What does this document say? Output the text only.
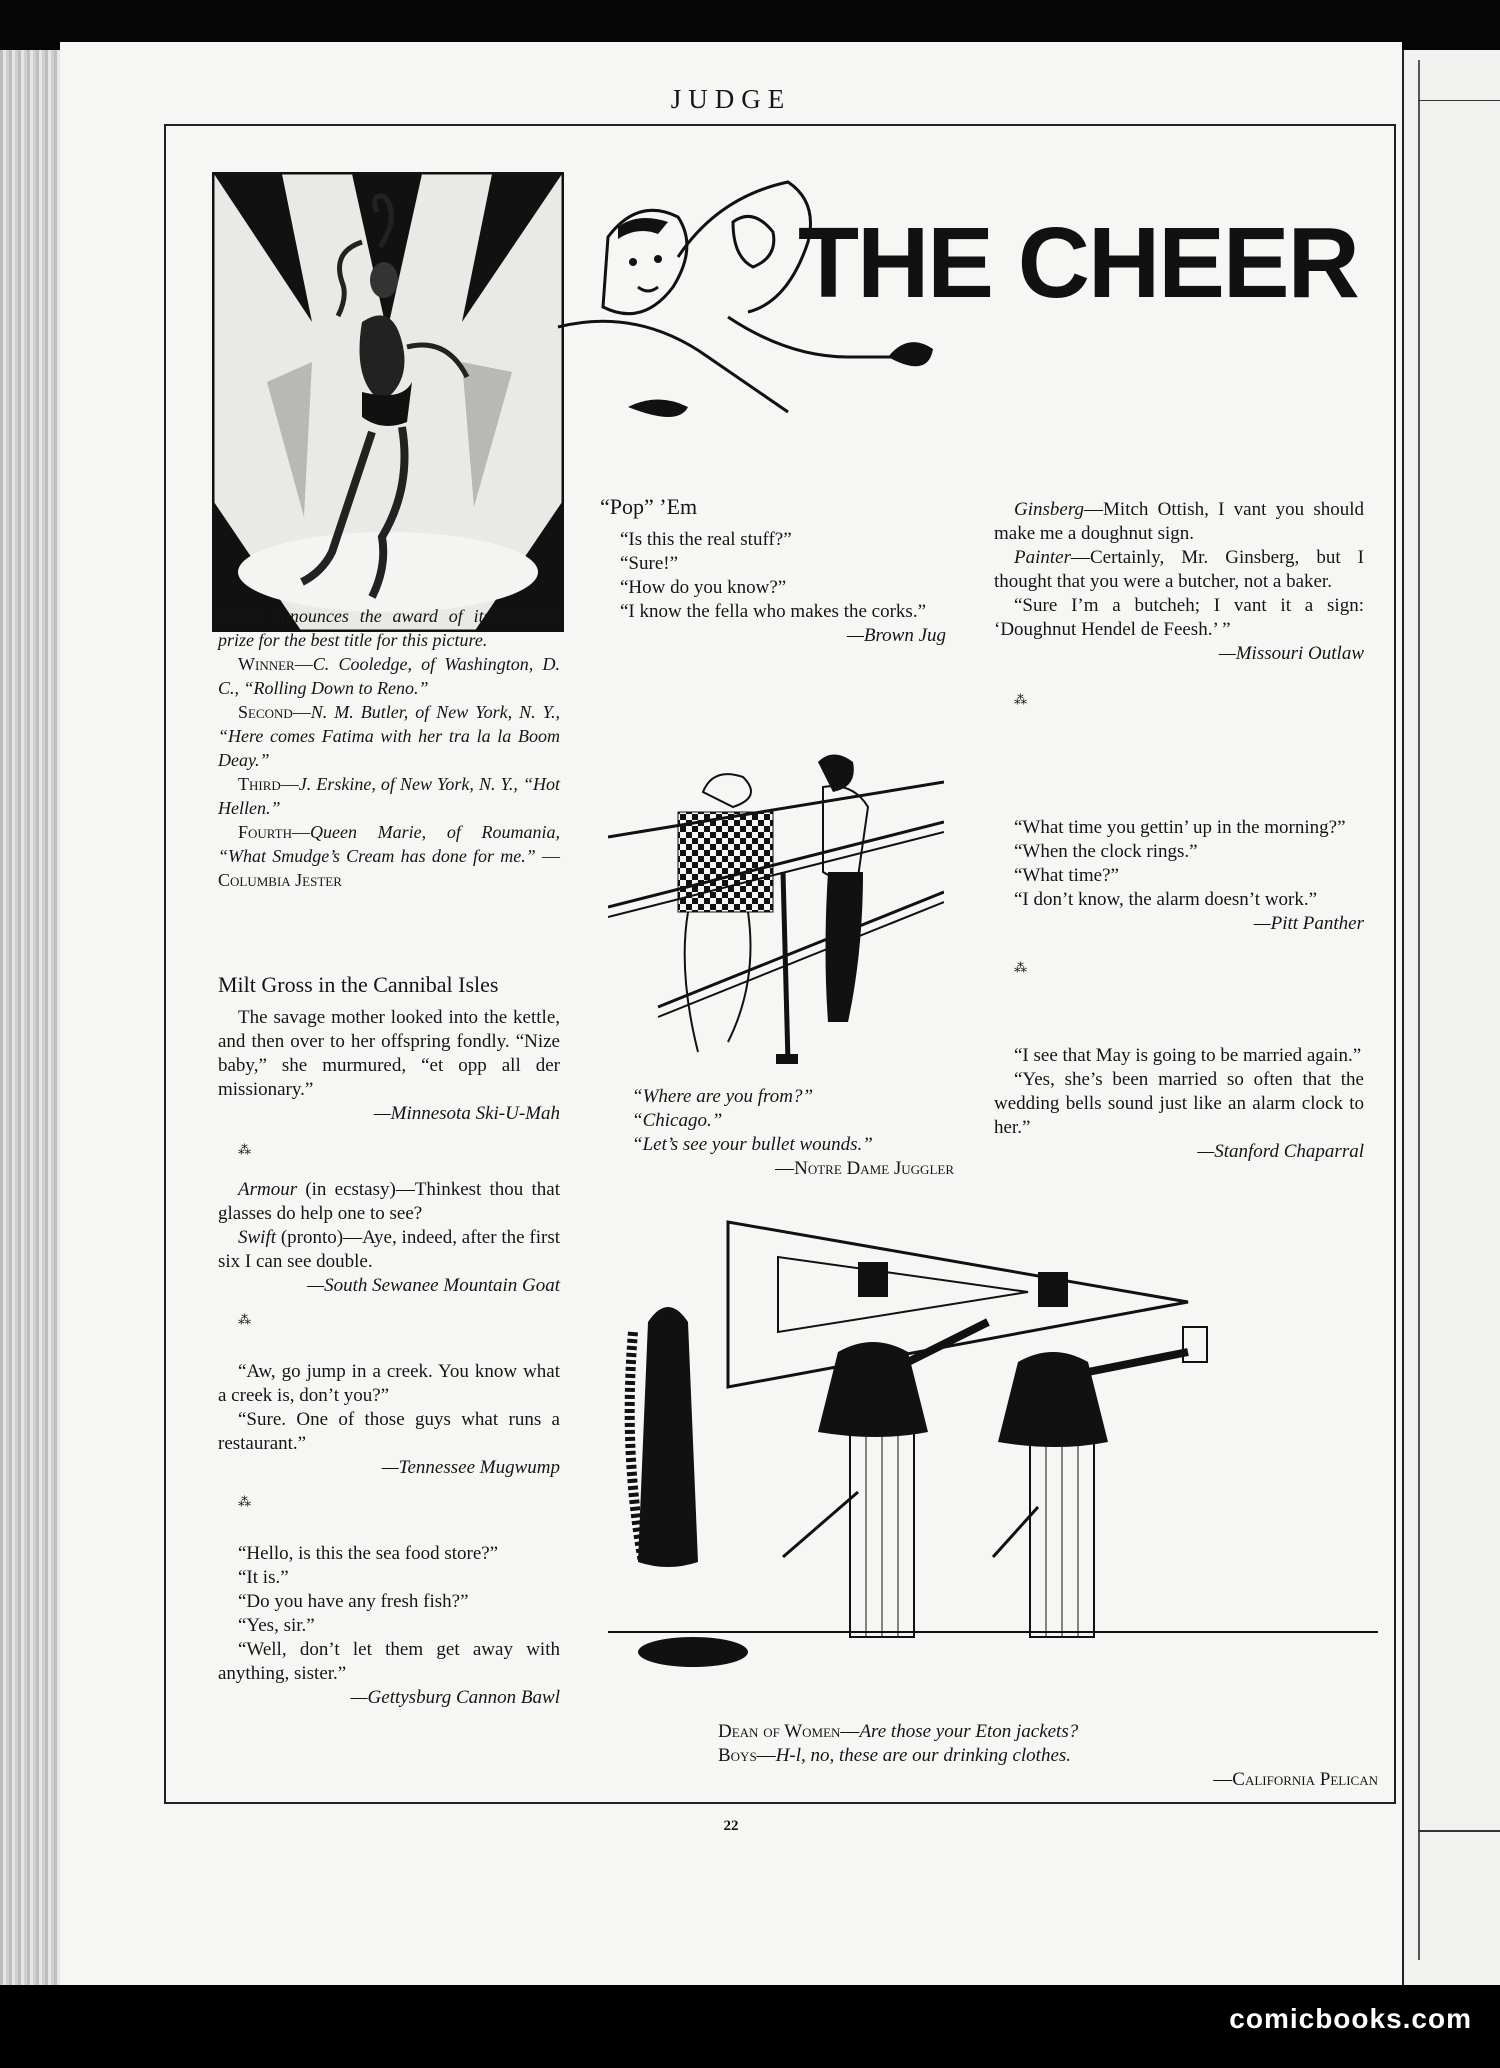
JUDGE
THE CHEER

Jester announces the award of its $50,000 prize for the best title for this picture.

Winner—C. Cooledge, of Washington, D. C., “Rolling Down to Reno.”

Second—N. M. Butler, of New York, N. Y., “Here comes Fatima with her tra la la Boom Deay.”

Third—J. Erskine, of New York, N. Y., “Hot Hellen.”

Fourth—Queen Marie, of Roumania, “What Smudge’s Cream has done for me.” —Columbia Jester

Milt Gross in the Cannibal Isles

The savage mother looked into the kettle, and then over to her offspring fondly. “Nize baby,” she murmured, “et opp all der missionary.”

—Minnesota Ski-U-Mah

⁂

Armour (in ecstasy)—Thinkest thou that glasses do help one to see?

Swift (pronto)—Aye, indeed, after the first six I can see double.

—South Sewanee Mountain Goat

⁂

“Aw, go jump in a creek. You know what a creek is, don’t you?”

“Sure. One of those guys what runs a restaurant.”

—Tennessee Mugwump

⁂

“Hello, is this the sea food store?”

“It is.”

“Do you have any fresh fish?”

“Yes, sir.”

“Well, don’t let them get away with anything, sister.”

—Gettysburg Cannon Bawl

“Pop” ’Em

“Is this the real stuff?”

“Sure!”

“How do you know?”

“I know the fella who makes the corks.”

—Brown Jug

“Where are you from?”

“Chicago.”

“Let’s see your bullet wounds.”

—Notre Dame Juggler

Ginsberg—Mitch Ottish, I vant you should make me a doughnut sign.

Painter—Certainly, Mr. Ginsberg, but I thought that you were a butcher, not a baker.

“Sure I’m a butcheh; I vant it a sign: ‘Doughnut Hendel de Feesh.’ ”

—Missouri Outlaw

⁂

“What time you gettin’ up in the morning?”

“When the clock rings.”

“What time?”

“I don’t know, the alarm doesn’t work.”

—Pitt Panther

⁂

“I see that May is going to be married again.”

“Yes, she’s been married so often that the wedding bells sound just like an alarm clock to her.”

—Stanford Chaparral

Dean of Women—Are those your Eton jackets?

Boys—H-l, no, these are our drinking clothes.

—California Pelican

22
comicbooks.com
